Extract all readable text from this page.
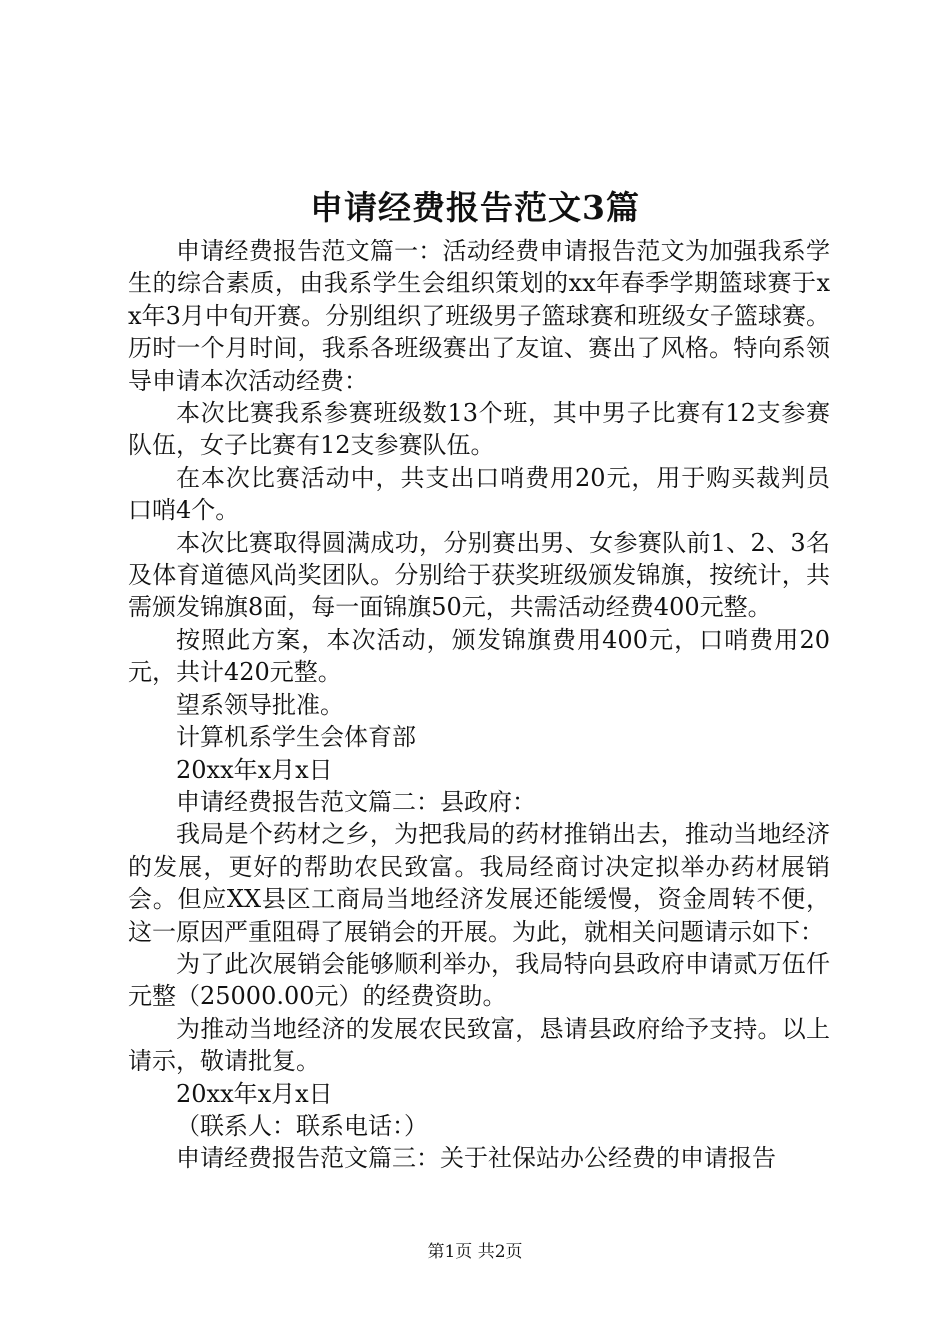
申请经费报告范文3篇

申请经费报告范文篇一：活动经费申请报告范文为加强我系学生的综合素质，由我系学生会组织策划的xx年春季学期篮球赛于xx年3月中旬开赛。分别组织了班级男子篮球赛和班级女子篮球赛。历时一个月时间，我系各班级赛出了友谊、赛出了风格。特向系领导申请本次活动经费：

本次比赛我系参赛班级数13个班，其中男子比赛有12支参赛队伍，女子比赛有12支参赛队伍。

在本次比赛活动中，共支出口哨费用20元，用于购买裁判员口哨4个。

本次比赛取得圆满成功，分别赛出男、女参赛队前1、2、3名及体育道德风尚奖团队。分别给于获奖班级颁发锦旗，按统计，共需颁发锦旗8面，每一面锦旗50元，共需活动经费400元整。

按照此方案，本次活动，颁发锦旗费用400元，口哨费用20元，共计420元整。

望系领导批准。

计算机系学生会体育部

20xx年x月x日

申请经费报告范文篇二：县政府：

我局是个药材之乡，为把我局的药材推销出去，推动当地经济的发展，更好的帮助农民致富。我局经商讨决定拟举办药材展销会。但应XX县区工商局当地经济发展还能缓慢，资金周转不便，这一原因严重阻碍了展销会的开展。为此，就相关问题请示如下：

为了此次展销会能够顺利举办，我局特向县政府申请贰万伍仟元整（25000.00元）的经费资助。

为推动当地经济的发展农民致富，恳请县政府给予支持。以上请示，敬请批复。

20xx年x月x日

（联系人：联系电话：）

申请经费报告范文篇三：关于社保站办公经费的申请报告

第1页 共2页
